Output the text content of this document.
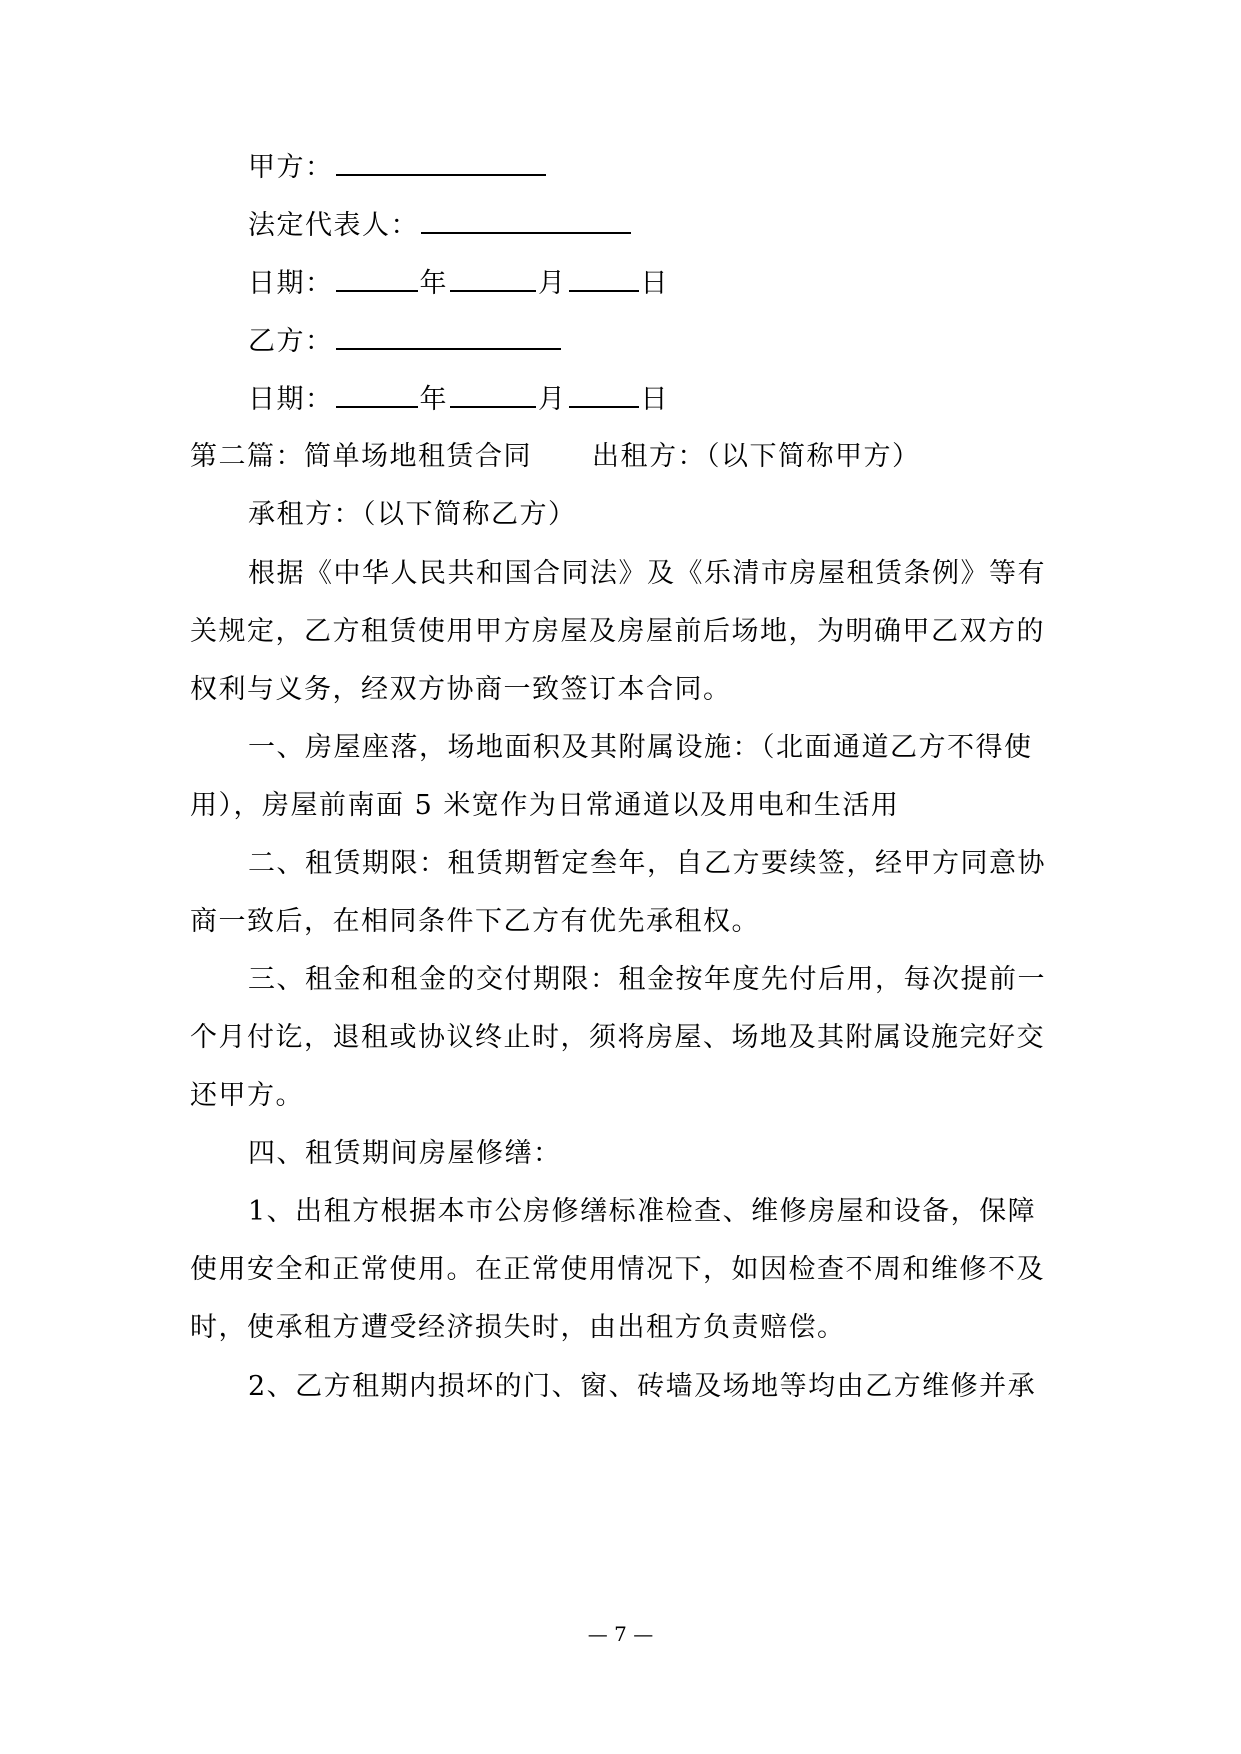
甲方：
法定代表人：
日期：	年	月	日
乙方：
日期：	年	月	日
第二篇：简单场地租赁合同 出租方：（以下简称甲方）
承租方：（以下简称乙方）
根据《中华人民共和国合同法》及《乐清市房屋租赁条例》等有
关规定，乙方租赁使用甲方房屋及房屋前后场地，为明确甲乙双方的
权利与义务，经双方协商一致签订本合同。
一、房屋座落，场地面积及其附属设施：（北面通道乙方不得使
用），房屋前南面 5 米宽作为日常通道以及用电和生活用
二、租赁期限：租赁期暂定叁年，自乙方要续签，经甲方同意协
商一致后，在相同条件下乙方有优先承租权。
三、租金和租金的交付期限：租金按年度先付后用，每次提前一
个月付讫，退租或协议终止时，须将房屋、场地及其附属设施完好交
还甲方。
四、租赁期间房屋修缮：
1、出租方根据本市公房修缮标准检查、维修房屋和设备，保障
使用安全和正常使用。在正常使用情况下，如因检查不周和维修不及
时，使承租方遭受经济损失时，由出租方负责赔偿。
2、乙方租期内损坏的门、窗、砖墙及场地等均由乙方维修并承
— 7 —
